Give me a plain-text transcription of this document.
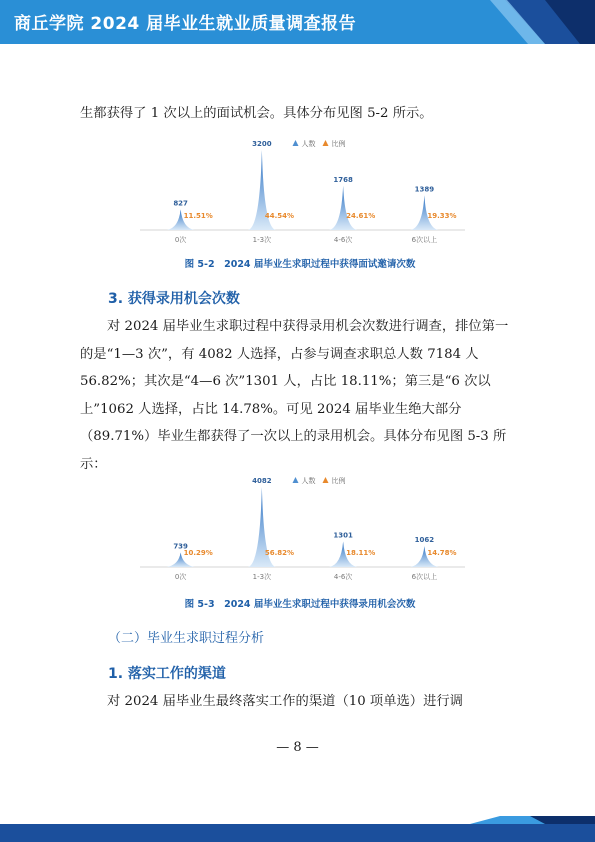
商丘学院 2024 届毕业生就业质量调查报告

生都获得了 1 次以上的面试机会。具体分布见图 5-2 所示。

人数 比例
827
11.51%
0次
3200
44.54%
1-3次
1768
24.61%
4-6次
1389
19.33%
6次以上
图 5-2　2024 届毕业生求职过程中获得面试邀请次数
3. 获得录用机会次数

对 2024 届毕业生求职过程中获得录用机会次数进行调查，排位第一的是“1—3 次”，有 4082 人选择，占参与调查求职总人数 7184 人 56.82%；其次是“4—6 次”1301 人，占比 18.11%；第三是“6 次以上”1062 人选择，占比 14.78%。可见 2024 届毕业生绝大部分（89.71%）毕业生都获得了一次以上的录用机会。具体分布见图 5-3 所示：

人数 比例
739
10.29%
0次
4082
56.82%
1-3次
1301
18.11%
4-6次
1062
14.78%
6次以上
图 5-3　2024 届毕业生求职过程中获得录用机会次数
（二）毕业生求职过程分析
1. 落实工作的渠道

对 2024 届毕业生最终落实工作的渠道（10 项单选）进行调

— 8 —
